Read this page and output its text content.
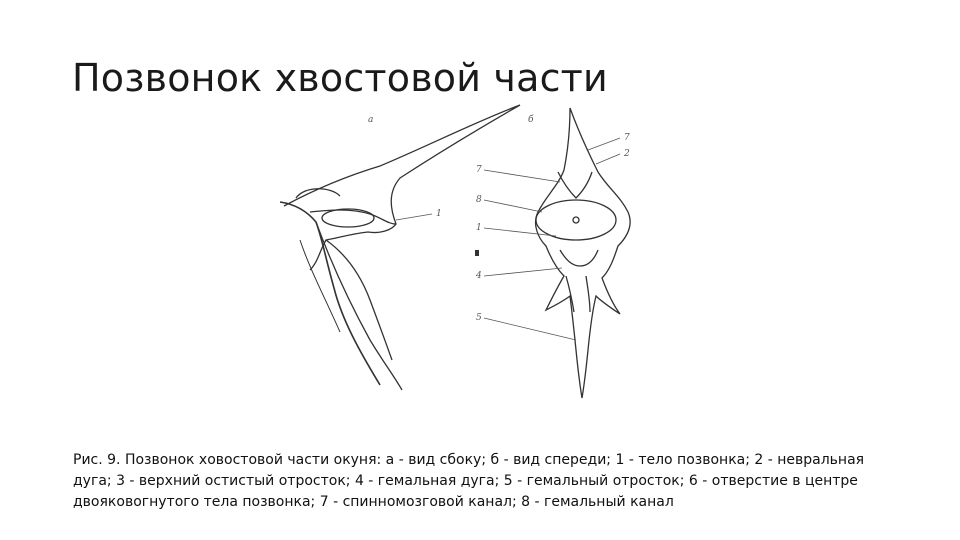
Позвонок хвостовой части
1
а	б
7
2
7
8
1
4
5
Рис. 9. Позвонок ховостовой части окуня: а - вид сбоку; б - вид спереди; 1 - тело позвонка; 2 - невральная дуга; 3 - верхний остистый отросток; 4 - гемальная дуга; 5 - гемальный отросток; 6 - отверстие в центре двояковогнутого тела позвонка; 7 - спинномозговой канал; 8 - гемальный канал
